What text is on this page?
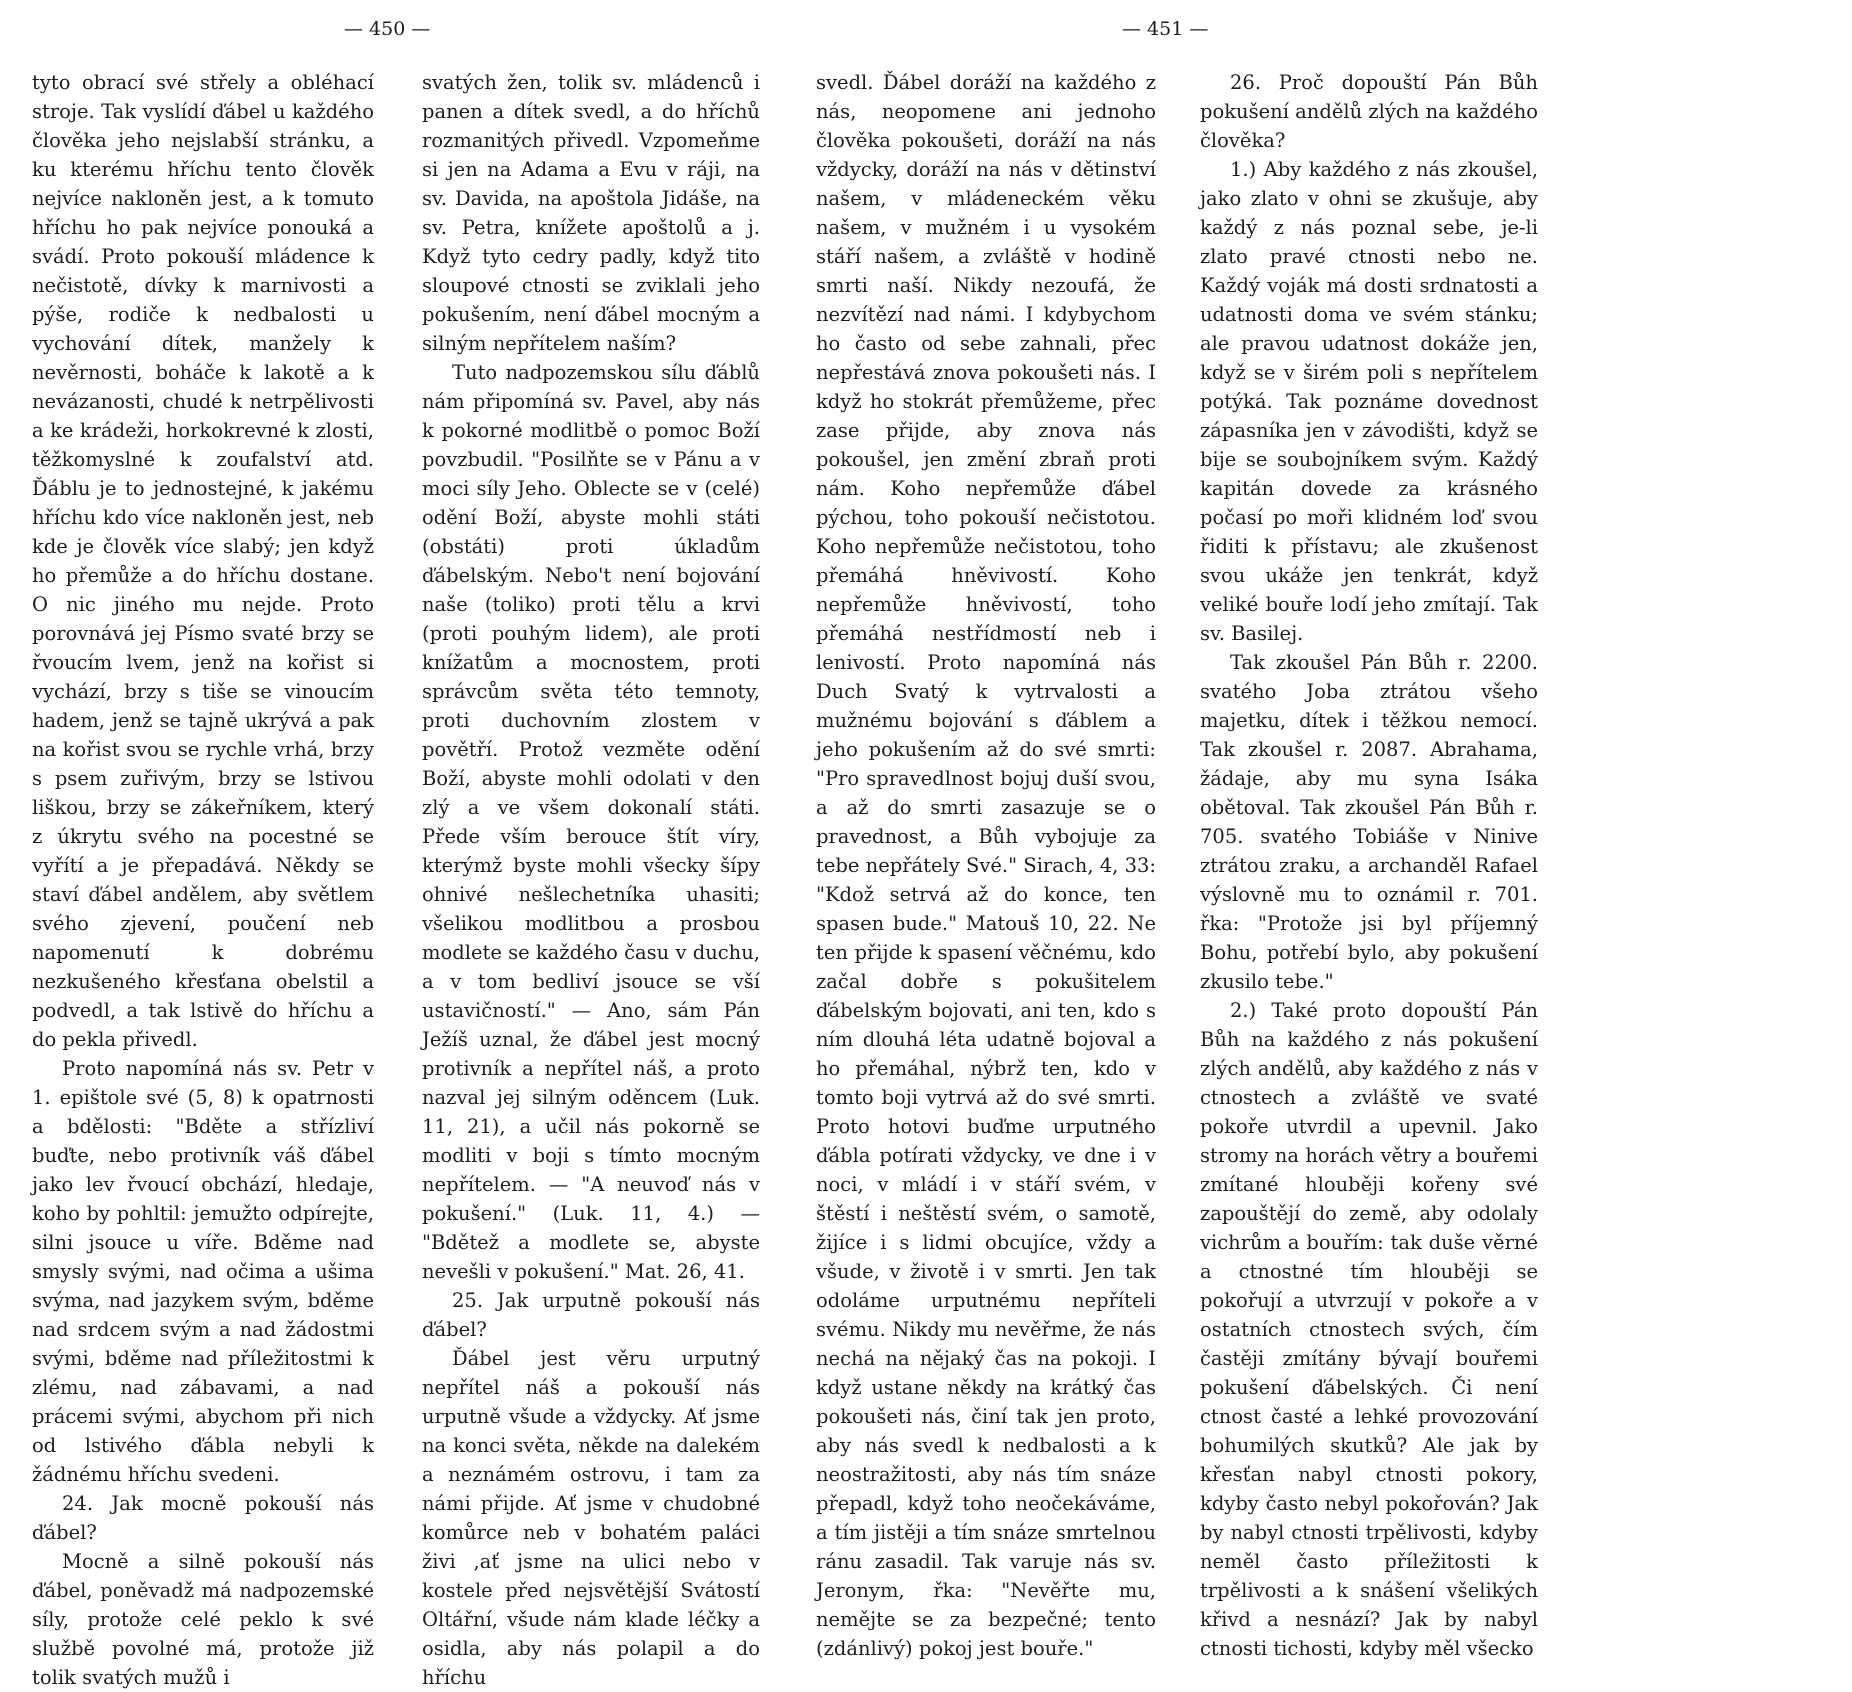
— 450 —	— 451 —

tyto obrací své střely a obléhací stroje. Tak vyslídí ďábel u každého člověka jeho nejslabší stránku, a ku kterému hříchu tento člověk nejvíce nakloněn jest, a k tomuto hříchu ho pak nejvíce ponouká a svádí. Proto pokouší mládence k nečistotě, dívky k marnivosti a pýše, rodiče k nedbalosti u vychování dítek, manžely k nevěrnosti, boháče k lakotě a k nevázanosti, chudé k netrpělivosti a ke krádeži, horkokrevné k zlosti, těžkomyslné k zoufalství atd. Ďáblu je to jednostejné, k jakému hříchu kdo více nakloněn jest, neb kde je člověk více slabý; jen když ho přemůže a do hříchu dostane. O nic jiného mu nejde. Proto porovnává jej Písmo svaté brzy se řvoucím lvem, jenž na kořist si vychází, brzy s tiše se vinoucím hadem, jenž se tajně ukrývá a pak na kořist svou se rychle vrhá, brzy s psem zuřivým, brzy se lstivou liškou, brzy se zákeřníkem, který z úkrytu svého na pocestné se vyřítí a je přepadává. Někdy se staví ďábel andělem, aby světlem svého zjevení, poučení neb napomenutí k dobrému nezkušeného křesťana obelstil a podvedl, a tak lstivě do hříchu a do pekla přivedl.

Proto napomíná nás sv. Petr v 1. epištole své (5, 8) k opatrnosti a bdělosti: "Bděte a střízliví buďte, nebo protivník váš ďábel jako lev řvoucí obchází, hledaje, koho by pohltil: jemužto odpírejte, silni jsouce u víře. Bděme nad smysly svými, nad očima a ušima svýma, nad jazykem svým, bděme nad srdcem svým a nad žádostmi svými, bděme nad příležitostmi k zlému, nad zábavami, a nad prácemi svými, abychom při nich od lstivého ďábla nebyli k žádnému hříchu svedeni.

24. Jak mocně pokouší nás ďábel?

Mocně a silně pokouší nás ďábel, poněvadž má nadpozemské síly, protože celé peklo k své službě povolné má, protože již tolik svatých mužů i

svatých žen, tolik sv. mládenců i panen a dítek svedl, a do hříchů rozmanitých přivedl. Vzpomeňme si jen na Adama a Evu v ráji, na sv. Davida, na apoštola Jidáše, na sv. Petra, knížete apoštolů a j. Když tyto cedry padly, když tito sloupové ctnosti se zviklali jeho pokušením, není ďábel mocným a silným nepřítelem naším?

Tuto nadpozemskou sílu ďáblů nám připomíná sv. Pavel, aby nás k pokorné modlitbě o pomoc Boží povzbudil. "Posilňte se v Pánu a v moci síly Jeho. Oblecte se v (celé) odění Boží, abyste mohli státi (obstáti) proti úkladům ďábelským. Nebo't není bojování naše (toliko) proti tělu a krvi (proti pouhým lidem), ale proti knížatům a mocnostem, proti správcům světa této temnoty, proti duchovním zlostem v povětří. Protož vezměte odění Boží, abyste mohli odolati v den zlý a ve všem dokonalí státi. Přede vším berouce štít víry, kterýmž byste mohli všecky šípy ohnivé nešlechetníka uhasiti; všelikou modlitbou a prosbou modlete se každého času v duchu, a v tom bedliví jsouce se vší ustavičností." — Ano, sám Pán Ježíš uznal, že ďábel jest mocný protivník a nepřítel náš, a proto nazval jej silným oděncem (Luk. 11, 21), a učil nás pokorně se modliti v boji s tímto mocným nepřítelem. — "A neuvoď nás v pokušení." (Luk. 11, 4.) — "Bdětež a modlete se, abyste nevešli v pokušení." Mat. 26, 41.

25. Jak urputně pokouší nás ďábel?

Ďábel jest věru urputný nepřítel náš a pokouší nás urputně všude a vždycky. Ať jsme na konci světa, někde na dalekém a neznámém ostrovu, i tam za námi přijde. Ať jsme v chudobné komůrce neb v bohatém paláci živi ,ať jsme na ulici nebo v kostele před nejsvětější Svátostí Oltářní, všude nám klade léčky a osidla, aby nás polapil a do hříchu

svedl. Ďábel doráží na každého z nás, neopomene ani jednoho člověka pokoušeti, doráží na nás vždycky, doráží na nás v dětinství našem, v mládeneckém věku našem, v mužném i u vysokém stáří našem, a zvláště v hodině smrti naší. Nikdy nezoufá, že nezvítězí nad námi. I kdybychom ho často od sebe zahnali, přec nepřestává znova pokoušeti nás. I když ho stokrát přemůžeme, přec zase přijde, aby znova nás pokoušel, jen změní zbraň proti nám. Koho nepřemůže ďábel pýchou, toho pokouší nečistotou. Koho nepřemůže nečistotou, toho přemáhá hněvivostí. Koho nepřemůže hněvivostí, toho přemáhá nestřídmostí neb i lenivostí. Proto napomíná nás Duch Svatý k vytrvalosti a mužnému bojování s ďáblem a jeho pokušením až do své smrti: "Pro spravedlnost bojuj duší svou, a až do smrti zasazuje se o pravednost, a Bůh vybojuje za tebe nepřátely Své." Sirach, 4, 33: "Kdož setrvá až do konce, ten spasen bude." Matouš 10, 22. Ne ten přijde k spasení věčnému, kdo začal dobře s pokušitelem ďábelským bojovati, ani ten, kdo s ním dlouhá léta udatně bojoval a ho přemáhal, nýbrž ten, kdo v tomto boji vytrvá až do své smrti. Proto hotovi buďme urputného ďábla potírati vždycky, ve dne i v noci, v mládí i v stáří svém, v štěstí i neštěstí svém, o samotě, žijíce i s lidmi obcujíce, vždy a všude, v životě i v smrti. Jen tak odoláme urputnému nepříteli svému. Nikdy mu nevěřme, že nás nechá na nějaký čas na pokoji. I když ustane někdy na krátký čas pokoušeti nás, činí tak jen proto, aby nás svedl k nedbalosti a k neostražitosti, aby nás tím snáze přepadl, když toho neočekáváme, a tím jistěji a tím snáze smrtelnou ránu zasadil. Tak varuje nás sv. Jeronym, řka: "Nevěřte mu, nemějte se za bezpečné; tento (zdánlivý) pokoj jest bouře."

26. Proč dopouští Pán Bůh pokušení andělů zlých na každého člověka?

1.) Aby každého z nás zkoušel, jako zlato v ohni se zkušuje, aby každý z nás poznal sebe, je-li zlato pravé ctnosti nebo ne. Každý voják má dosti srdnatosti a udatnosti doma ve svém stánku; ale pravou udatnost dokáže jen, když se v širém poli s nepřítelem potýká. Tak poznáme dovednost zápasníka jen v závodišti, když se bije se soubojníkem svým. Každý kapitán dovede za krásného počasí po moři klidném loď svou řiditi k přístavu; ale zkušenost svou ukáže jen tenkrát, když veliké bouře lodí jeho zmítají. Tak sv. Basilej.

Tak zkoušel Pán Bůh r. 2200. svatého Joba ztrátou všeho majetku, dítek i těžkou nemocí. Tak zkoušel r. 2087. Abrahama, žádaje, aby mu syna Isáka obětoval. Tak zkoušel Pán Bůh r. 705. svatého Tobiáše v Ninive ztrátou zraku, a archanděl Rafael výslovně mu to oznámil r. 701. řka: "Protože jsi byl příjemný Bohu, potřebí bylo, aby pokušení zkusilo tebe."

2.) Také proto dopouští Pán Bůh na každého z nás pokušení zlých andělů, aby každého z nás v ctnostech a zvláště ve svaté pokoře utvrdil a upevnil. Jako stromy na horách větry a bouřemi zmítané hlouběji kořeny své zapouštějí do země, aby odolaly vichrům a bouřím: tak duše věrné a ctnostné tím hlouběji se pokořují a utvrzují v pokoře a v ostatních ctnostech svých, čím častěji zmítány bývají bouřemi pokušení ďábelských. Či není ctnost časté a lehké provozování bohumilých skutků? Ale jak by křesťan nabyl ctnosti pokory, kdyby často nebyl pokořován? Jak by nabyl ctnosti trpělivosti, kdyby neměl často příležitosti k trpělivosti a k snášení všelikých křivd a nesnází? Jak by nabyl ctnosti tichosti, kdyby měl všecko
